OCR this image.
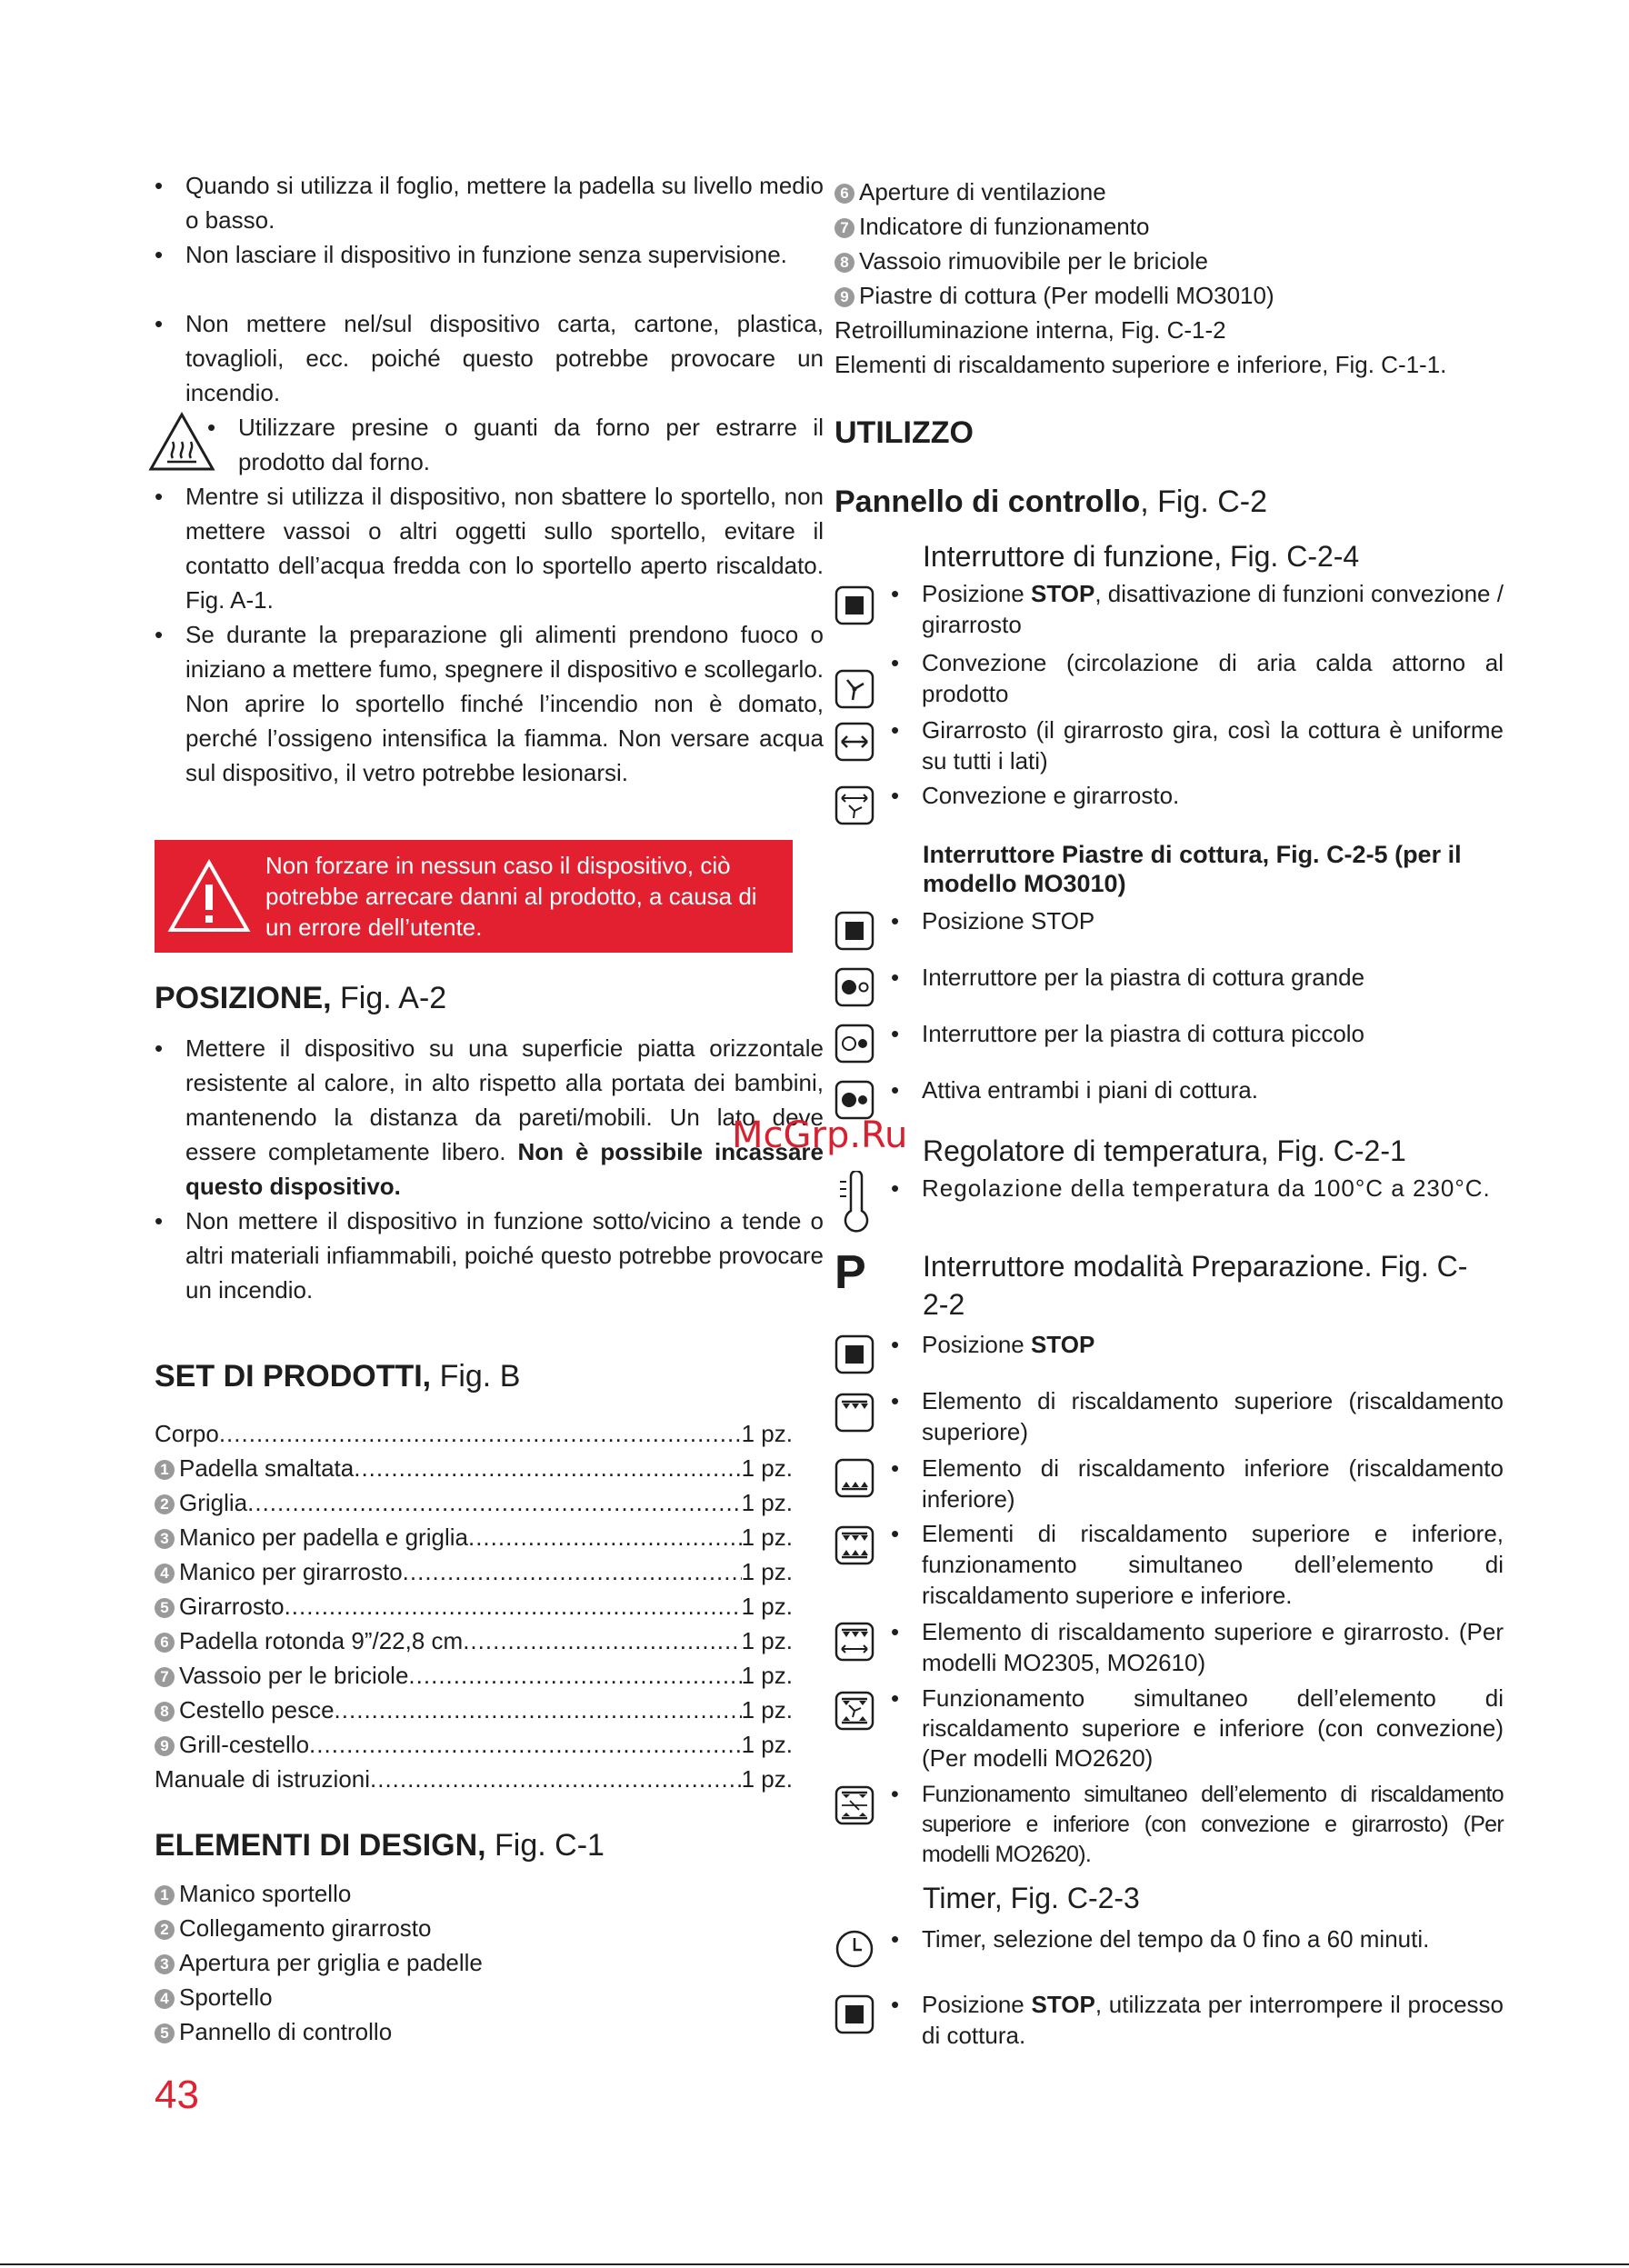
• Quando si utilizza il foglio, mettere la padella su livello medio o basso.
• Non lasciare il dispositivo in funzione senza supervisione.
• Non mettere nel/sul dispositivo carta, cartone, plastica, tovaglioli, ecc. poiché questo potrebbe provocare un incendio.
• Utilizzare presine o guanti da forno per estrarre il prodotto dal forno.
• Mentre si utilizza il dispositivo, non sbattere lo sportello, non mettere vassoi o altri oggetti sullo sportello, evitare il contatto dell’acqua fredda con lo sportello aperto riscaldato. Fig. A-1.
• Se durante la preparazione gli alimenti prendono fuoco o iniziano a mettere fumo, spegnere il dispositivo e scollegarlo. Non aprire lo sportello finché l’incendio non è domato, perché l’ossigeno intensifica la fiamma. Non versare acqua sul dispositivo, il vetro potrebbe lesionarsi.
Non forzare in nessun caso il dispositivo, ciò potrebbe arrecare danni al prodotto, a causa di un errore dell’utente.
POSIZIONE, Fig. A-2
• Mettere il dispositivo su una superficie piatta orizzontale resistente al calore, in alto rispetto alla portata dei bambini, mantenendo la distanza da pareti/mobili. Un lato deve essere completamente libero. Non è possibile incassare questo dispositivo.
• Non mettere il dispositivo in funzione sotto/vicino a tende o altri materiali infiammabili, poiché questo potrebbe provocare un incendio.
SET DI PRODOTTI, Fig. B
Corpo .....	1 pz.
1 Padella smaltata .....	1 pz.
2 Griglia .....	1 pz.
3 Manico per padella e griglia .....	1 pz.
4 Manico per girarrosto .....	1 pz.
5 Girarrosto .....	1 pz.
6 Padella rotonda 9”/22,8 cm .....	1 pz.
7 Vassoio per le briciole .....	1 pz.
8 Cestello pesce .....	1 pz.
9 Grill-cestello .....	1 pz.
Manuale di istruzioni .....	1 pz.
ELEMENTI DI DESIGN, Fig. C-1
1 Manico sportello
2 Collegamento girarrosto
3 Apertura per griglia e padelle
4 Sportello
5 Pannello di controllo
43
6 Aperture di ventilazione
7 Indicatore di funzionamento
8 Vassoio rimuovibile per le briciole
9 Piastre di cottura (Per modelli MO3010)
Retroilluminazione interna, Fig. C-1-2
Elementi di riscaldamento superiore e inferiore, Fig. C-1-1.
UTILIZZO
Pannello di controllo, Fig. C-2
Interruttore di funzione, Fig. C-2-4
• Posizione STOP, disattivazione di funzioni convezione / girarrosto
• Convezione (circolazione di aria calda attorno al prodotto
• Girarrosto (il girarrosto gira, così la cottura è uniforme su tutti i lati)
• Convezione e girarrosto.
Interruttore Piastre di cottura, Fig. C-2-5 (per il modello MO3010)
• Posizione STOP
• Interruttore per la piastra di cottura grande
• Interruttore per la piastra di cottura piccolo
• Attiva entrambi i piani di cottura.
Regolatore di temperatura, Fig. C-2-1
• Regolazione della temperatura da 100°C a 230°C.
P Interruttore modalità Preparazione. Fig. C-2-2
• Posizione STOP
• Elemento di riscaldamento superiore (riscaldamento superiore)
• Elemento di riscaldamento inferiore (riscaldamento inferiore)
• Elementi di riscaldamento superiore e inferiore, funzionamento simultaneo dell’elemento di riscaldamento superiore e inferiore.
• Elemento di riscaldamento superiore e girarrosto. (Per modelli MO2305, MO2610)
• Funzionamento simultaneo dell’elemento di riscaldamento superiore e inferiore (con convezione) (Per modelli MO2620)
• Funzionamento simultaneo dell’elemento di riscaldamento superiore e inferiore (con convezione e girarrosto) (Per modelli MO2620).
Timer, Fig. C-2-3
• Timer, selezione del tempo da 0 fino a 60 minuti.
• Posizione STOP, utilizzata per interrompere il processo di cottura.
McGrp.Ru
